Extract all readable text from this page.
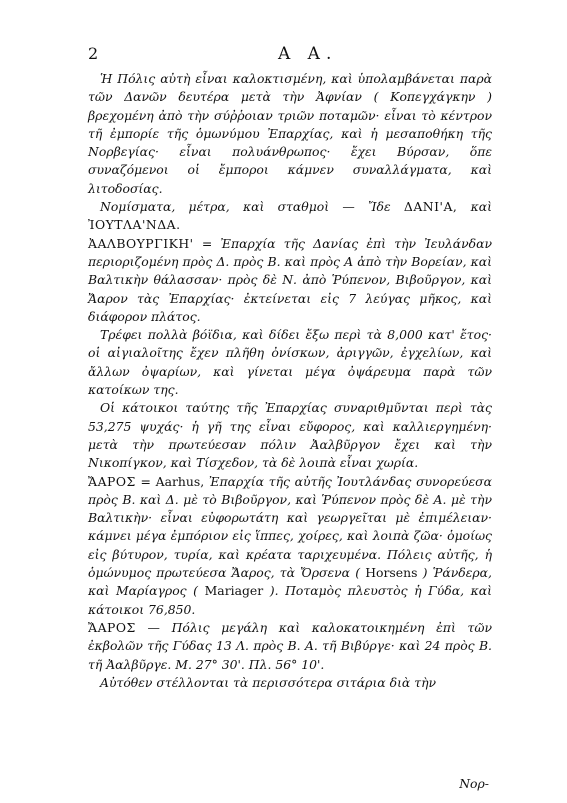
2	Α Α.

Ἡ Πόλις αὐτὴ εἶναι καλοκτισμένη, καὶ ὑπολαμβάνεται παρὰ τῶν Δανῶν δευτέρα μετὰ τὴν Ἀφνίαν ( Κοπεγχάγκην ) βρεχομένη ἀπὸ τὴν σύῤῥοιαν τριῶν ποταμῶν· εἶναι τὸ κέντρον τῆ ἐμπορίε τῆς ὁμωνύμου Ἐπαρχίας, καὶ ἡ μεσαποθήκη τῆς Νορβεγίας· εἶναι πολυάνθρωπος· ἔχει Βύρσαν, ὅπε συναζόμενοι οἱ ἔμποροι κάμνεν συναλλάγματα, καὶ λιτοδοσίας.

Νομίσματα, μέτρα, καὶ σταθμοὶ — Ἴδε ΔΑΝΙ'Α, καὶ ἸΟΥΤΛΑ'ΝΔΑ.

ἈΑΛΒΟΥΡΓΙΚΗ' = Ἐπαρχία τῆς Δανίας ἐπὶ τὴν Ἰευλάνδαν περιοριζομένη πρὸς Δ. πρὸς Β. καὶ πρὸς Α ἀπὸ τὴν Βορείαν, καὶ Βαλτικὴν θάλασσαν· πρὸς δὲ Ν. ἀπὸ Ῥύπενον, Βιβοῦργον, καὶ Ἄαρον τὰς Ἐπαρχίας· ἐκτείνεται εἰς 7 λεύγας μῆκος, καὶ διάφορον πλάτος.

Τρέφει πολλὰ βόϊδια, καὶ δίδει ἔξω περὶ τὰ 8,000 κατ' ἔτος· οἱ αἰγιαλοῖτης ἔχεν πλῆθη ὀνίσκων, ἀριγγῶν, ἐγχελίων, καὶ ἄλλων ὀψαρίων, καὶ γίνεται μέγα ὀψάρευμα παρὰ τῶν κατοίκων της.

Οἱ κάτοικοι ταύτης τῆς Ἐπαρχίας συναριθμῦνται περὶ τὰς 53,275 ψυχάς· ἡ γῆ της εἶναι εὔφορος, καὶ καλλιεργημένη· μετὰ τὴν πρωτεύεσαν πόλιν Ἀαλβῦργον ἔχει καὶ τὴν Νικοπίγκον, καὶ Τίσχεδον, τὰ δὲ λοιπὰ εἶναι χωρία.

ἌΑΡΟΣ = Aarhus, Ἐπαρχία τῆς αὐτῆς Ἰουτλάνδας συνορεύεσα πρὸς Β. καὶ Δ. μὲ τὸ Βιβοῦργον, καὶ Ῥύπενον πρὸς δὲ Α. μὲ τὴν Βαλτικὴν· εἶναι εὐφορωτάτη καὶ γεωργεῖται μὲ ἐπιμέλειαν· κάμνει μέγα ἐμπόριον εἰς ἵππες, χοίρες, καὶ λοιπὰ ζῶα· ὁμοίως εἰς βύτυρον, τυρία, καὶ κρέατα ταριχευμένα. Πόλεις αὐτῆς, ἡ ὁμώνυμος πρωτεύεσα Ἄαρος, τὰ Ὄρσενα ( Horsens ) Ῥάνδερα, καὶ Μαρίαγρος ( Mariager ). Ποταμὸς πλευστὸς ἡ Γύδα, καὶ κάτοικοι 76,850.

ἌΑΡΟΣ — Πόλις μεγάλη καὶ καλοκατοικημένη ἐπὶ τῶν ἐκβολῶν τῆς Γύδας 13 Λ. πρὸς Β. Α. τῆ Βιβύργε· καὶ 24 πρὸς Β. τῆ Ἀαλβῦργε. Μ. 27° 30'. Πλ. 56° 10'.

Αὐτόθεν στέλλονται τὰ περισσότερα σιτάρια διὰ τὴν

Νορ-
